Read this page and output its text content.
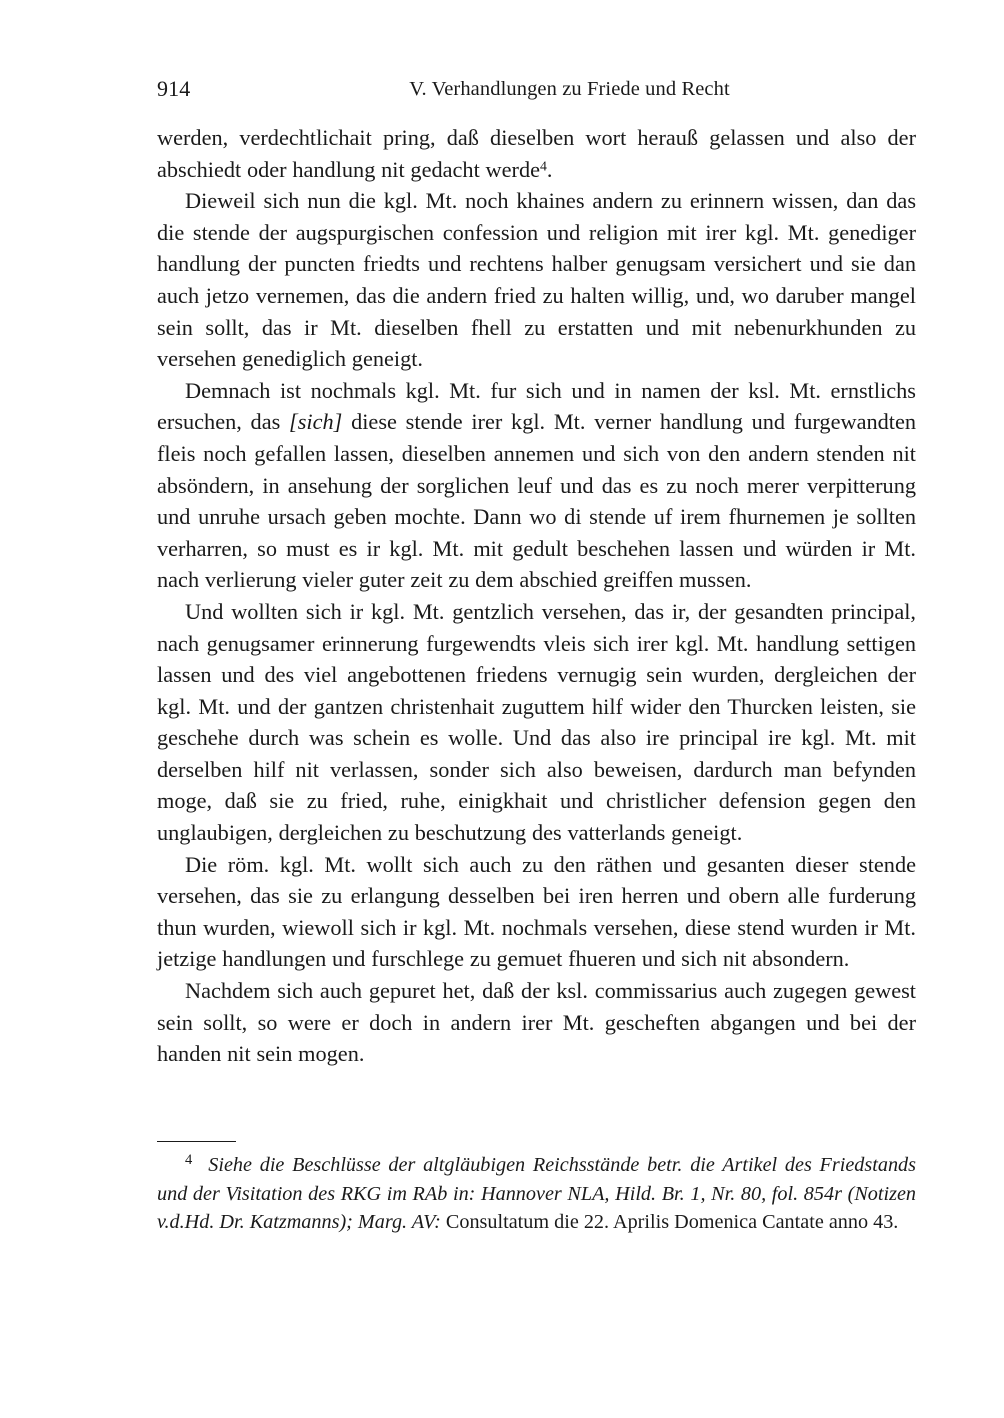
914	V. Verhandlungen zu Friede und Recht

werden, verdechtlichait pring, daß dieselben wort herauß gelassen und also der abschiedt oder handlung nit gedacht werde$^4$.

Dieweil sich nun die kgl. Mt. noch khaines andern zu erinnern wissen, dan das die stende der augspurgischen confession und religion mit irer kgl. Mt. genediger handlung der puncten friedts und rechtens halber genugsam versichert und sie dan auch jetzo vernemen, das die andern fried zu halten willig, und, wo daruber mangel sein sollt, das ir Mt. dieselben fhell zu erstatten und mit nebenurkhunden zu versehen genediglich geneigt.

Demnach ist nochmals kgl. Mt. fur sich und in namen der ksl. Mt. ernstlichs ersuchen, das [sich] diese stende irer kgl. Mt. verner handlung und furgewandten fleis noch gefallen lassen, dieselben annemen und sich von den andern stenden nit absöndern, in ansehung der sorglichen leuf und das es zu noch merer verpitterung und unruhe ursach geben mochte. Dann wo di stende uf irem fhurnemen je sollten verharren, so must es ir kgl. Mt. mit gedult beschehen lassen und würden ir Mt. nach verlierung vieler guter zeit zu dem abschied greiffen mussen.

Und wollten sich ir kgl. Mt. gentzlich versehen, das ir, der gesandten principal, nach genugsamer erinnerung furgewendts vleis sich irer kgl. Mt. handlung settigen lassen und des viel angebottenen friedens vernugig sein wurden, dergleichen der kgl. Mt. und der gantzen christenhait zuguttem hilf wider den Thurcken leisten, sie geschehe durch was schein es wolle. Und das also ire principal ire kgl. Mt. mit derselben hilf nit verlassen, sonder sich also beweisen, dardurch man befynden moge, daß sie zu fried, ruhe, einigkhait und christlicher defension gegen den unglaubigen, dergleichen zu beschutzung des vatterlands geneigt.

Die röm. kgl. Mt. wollt sich auch zu den räthen und gesanten dieser stende versehen, das sie zu erlangung desselben bei iren herren und obern alle furderung thun wurden, wiewoll sich ir kgl. Mt. nochmals versehen, diese stend wurden ir Mt. jetzige handlungen und furschlege zu gemuet fhueren und sich nit absondern.

Nachdem sich auch gepuret het, daß der ksl. commissarius auch zugegen gewest sein sollt, so were er doch in andern irer Mt. gescheften abgangen und bei der handen nit sein mogen.

$^4$ Siehe die Beschlüsse der altgläubigen Reichsstände betr. die Artikel des Friedstands und der Visitation des RKG im RAb in: Hannover NLA, Hild. Br. 1, Nr. 80, fol. 854r (Notizen v.d.Hd. Dr. Katzmanns); Marg. AV: Consultatum die 22. Aprilis Domenica Cantate anno 43.
